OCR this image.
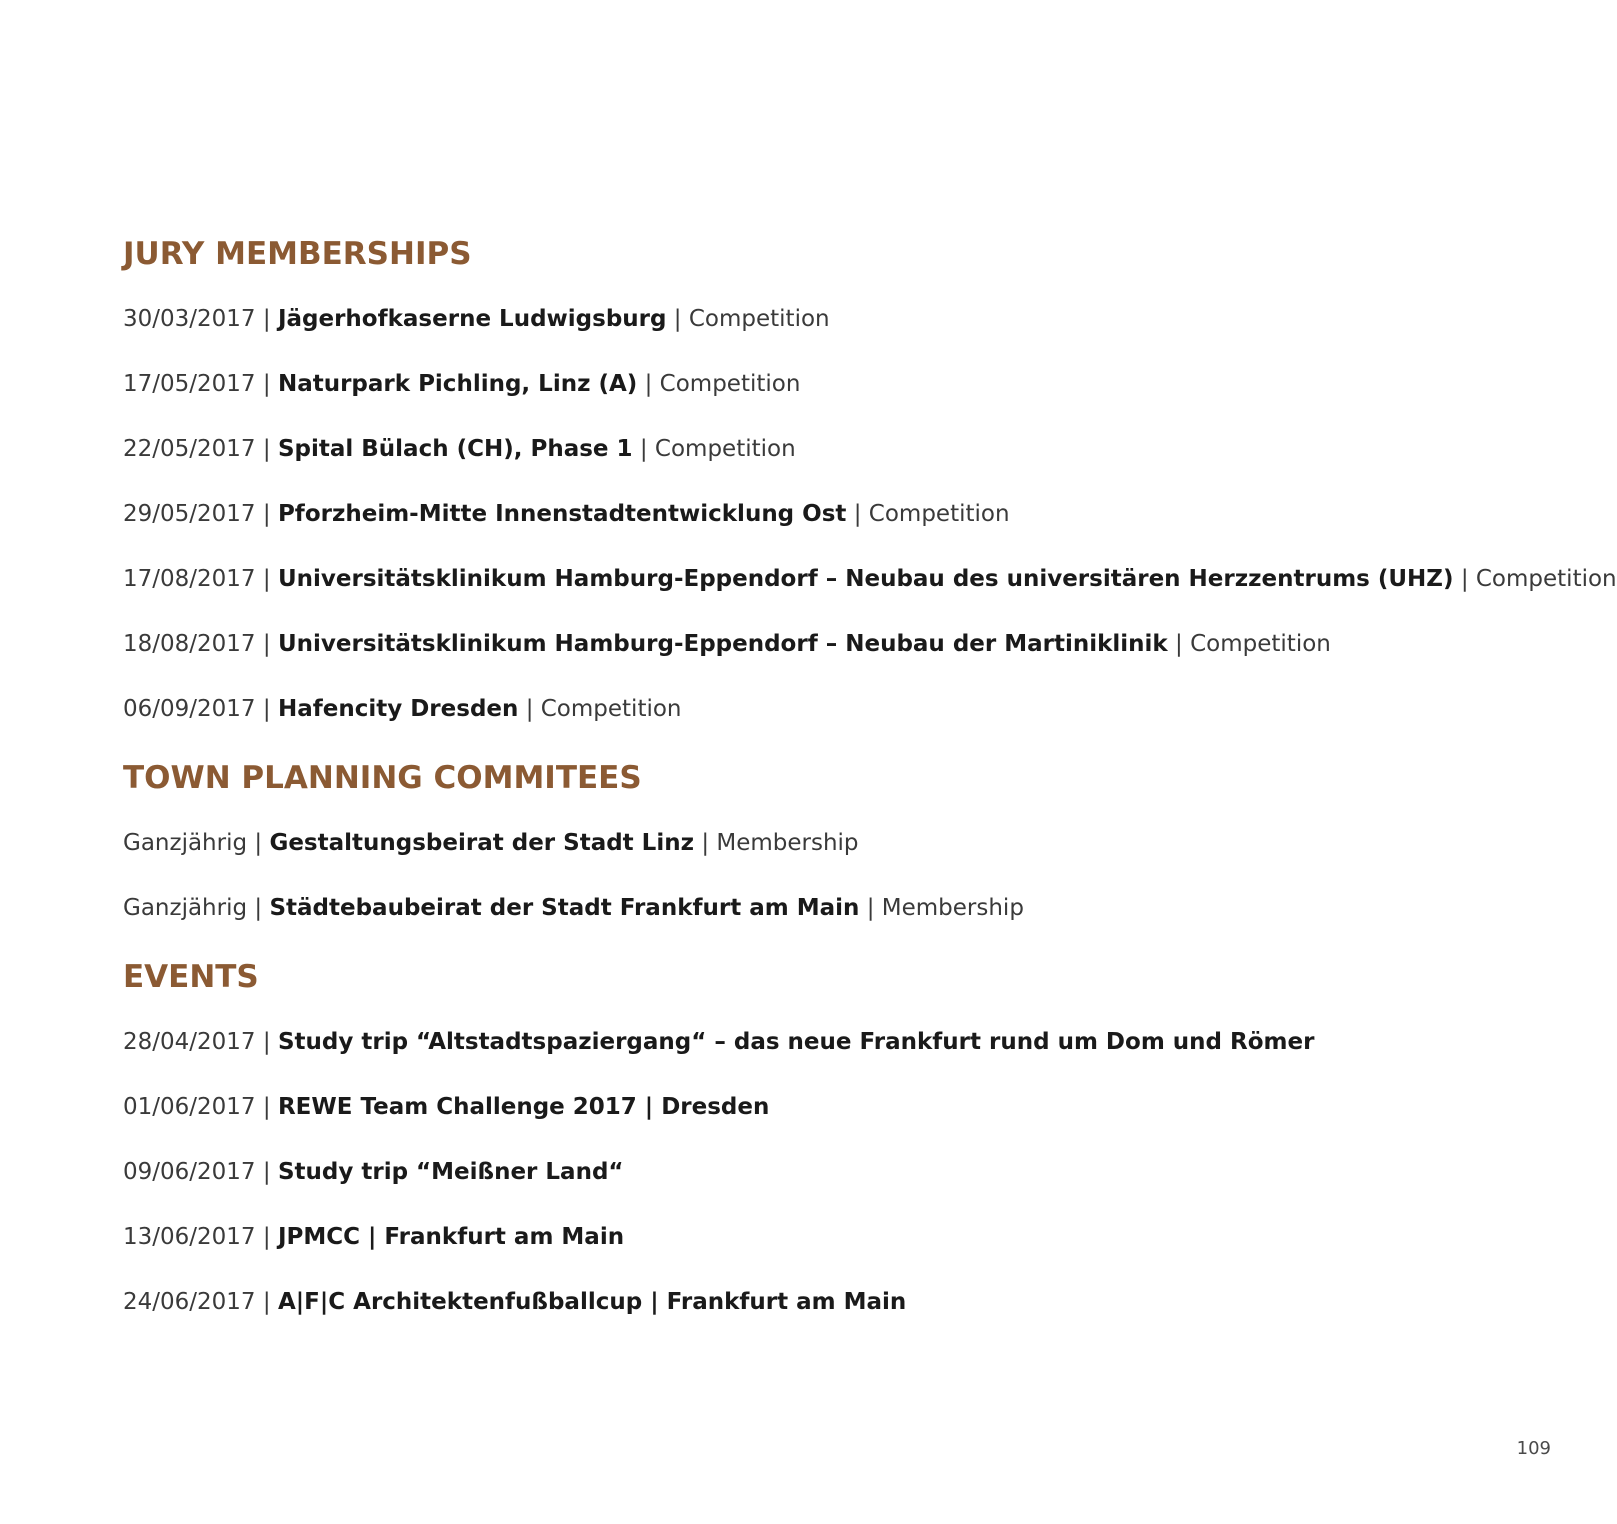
JURY MEMBERSHIPS
30/03/2017 | Jägerhofkaserne Ludwigsburg | Competition
17/05/2017 | Naturpark Pichling, Linz (A) | Competition
22/05/2017 | Spital Bülach (CH), Phase 1 | Competition
29/05/2017 | Pforzheim-Mitte Innenstadtentwicklung Ost | Competition
17/08/2017 | Universitätsklinikum Hamburg-Eppendorf – Neubau des universitären Herzzentrums (UHZ) | Competition
18/08/2017 | Universitätsklinikum Hamburg-Eppendorf – Neubau der Martiniklinik | Competition
06/09/2017 | Hafencity Dresden | Competition
TOWN PLANNING COMMITEES
Ganzjährig | Gestaltungsbeirat der Stadt Linz | Membership
Ganzjährig | Städtebaubeirat der Stadt Frankfurt am Main | Membership
EVENTS
28/04/2017 | Study trip “Altstadtspaziergang“ – das neue Frankfurt rund um Dom und Römer
01/06/2017 | REWE Team Challenge 2017 | Dresden
09/06/2017 | Study trip “Meißner Land“
13/06/2017 | JPMCC | Frankfurt am Main
24/06/2017 | A|F|C Architektenfußballcup | Frankfurt am Main
109
